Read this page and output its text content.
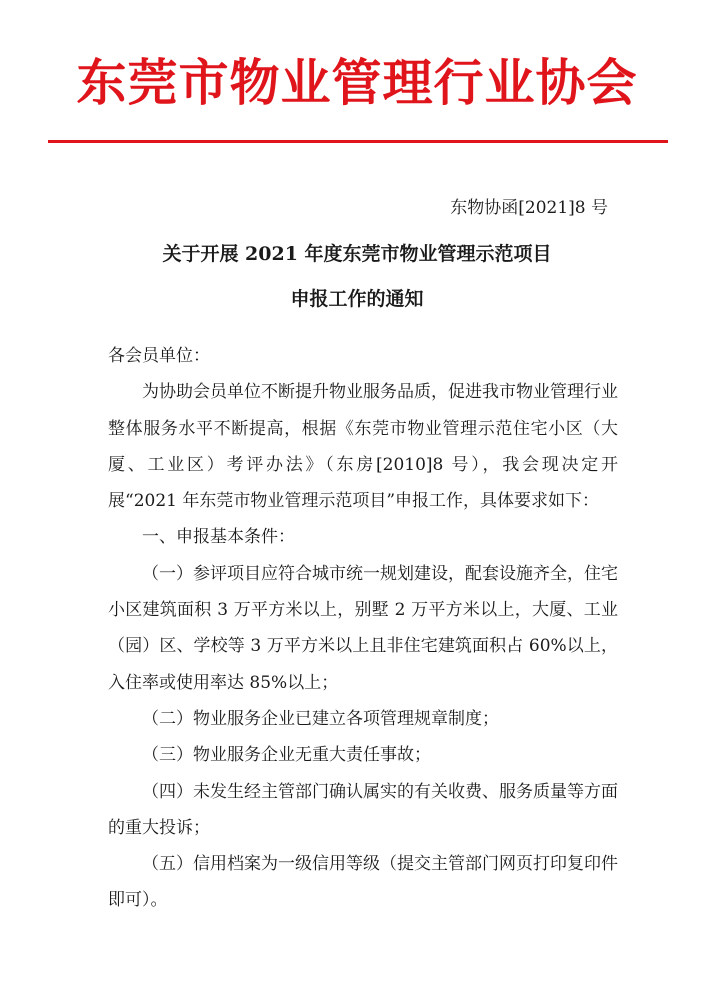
东莞市物业管理行业协会
东物协函[2021]8 号
关于开展 2021 年度东莞市物业管理示范项目
申报工作的通知

各会员单位：

为协助会员单位不断提升物业服务品质，促进我市物业管理行业整体服务水平不断提高，根据《东莞市物业管理示范住宅小区（大厦、工业区）考评办法》（东房[2010]8 号），我会现决定开展“2021 年东莞市物业管理示范项目”申报工作，具体要求如下：

一、申报基本条件：

（一）参评项目应符合城市统一规划建设，配套设施齐全，住宅小区建筑面积 3 万平方米以上，别墅 2 万平方米以上，大厦、工业（园）区、学校等 3 万平方米以上且非住宅建筑面积占 60%以上，入住率或使用率达 85%以上；

（二）物业服务企业已建立各项管理规章制度；

（三）物业服务企业无重大责任事故；

（四）未发生经主管部门确认属实的有关收费、服务质量等方面的重大投诉；

（五）信用档案为一级信用等级（提交主管部门网页打印复印件即可）。
